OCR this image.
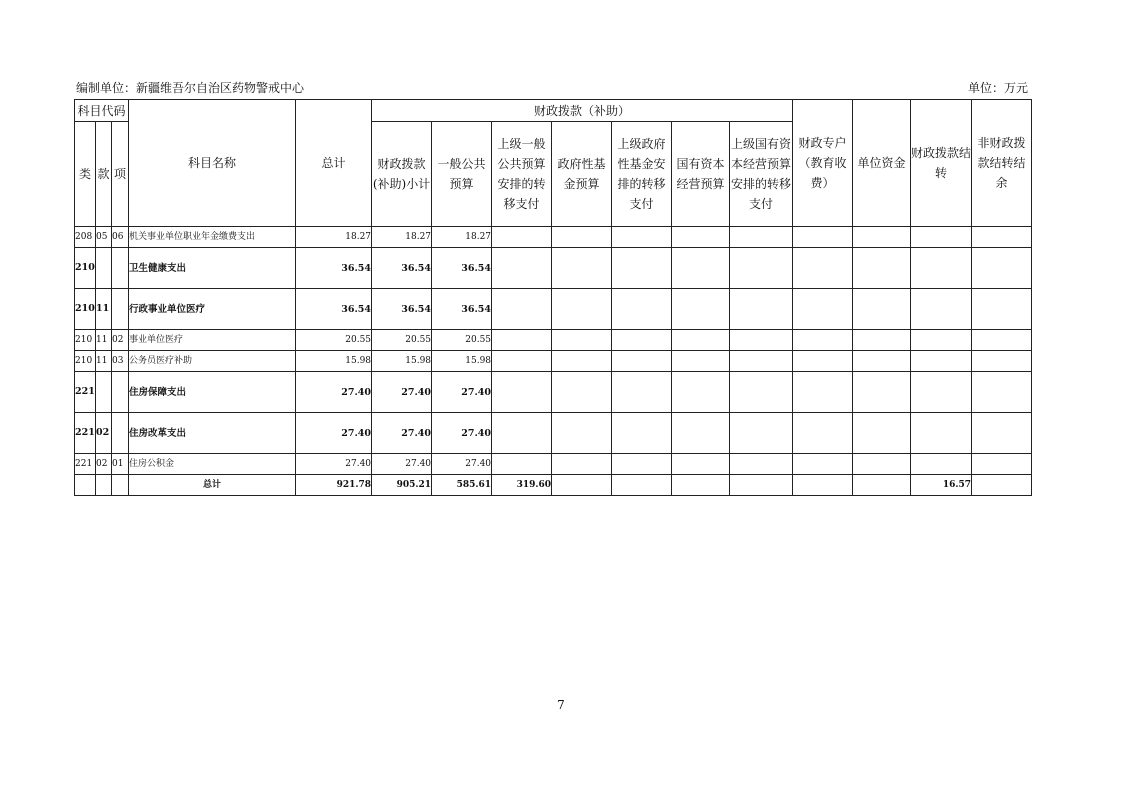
编制单位：新疆维吾尔自治区药物警戒中心	单位：万元
科目代码			科目名称	总计	财政拨款（补助）							财政专户（教育收费）	单位资金	财政拨款结转	非财政拨款结转结余
类	款	项			财政拨款(补助)小计	一般公共预算	上级一般公共预算安排的转移支付	政府性基金预算	上级政府性基金安排的转移支付	国有资本经营预算	上级国有资本经营预算安排的转移支付				
208	05	06	机关事业单位职业年金缴费支出	18.27	18.27	18.27									
210			卫生健康支出	36.54	36.54	36.54									
210	11		行政事业单位医疗	36.54	36.54	36.54									
210	11	02	事业单位医疗	20.55	20.55	20.55									
210	11	03	公务员医疗补助	15.98	15.98	15.98									
221			住房保障支出	27.40	27.40	27.40									
221	02		住房改革支出	27.40	27.40	27.40									
221	02	01	住房公积金	27.40	27.40	27.40									
			总计	921.78	905.21	585.61	319.60							16.57	
7
